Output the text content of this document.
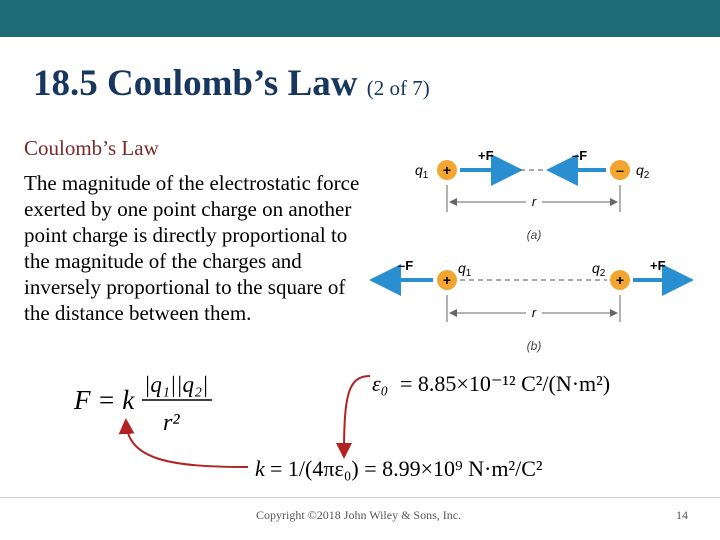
18.5 Coulomb’s Law (2 of 7)
Coulomb’s Law
The magnitude of the electrostatic force exerted by one point charge on another point charge is directly proportional to the magnitude of the charges and inversely proportional to the square of the distance between them.
$q_1$ +
+F	–F
– $q_2$
r
(a)
–F
+
$q_1$	$q_2$ +
+F
r
(b)
F = k
|q₁||q₂|
r²
ε₀ = 8.85×10⁻¹² C²/(N·m²)
k = 1/(4πε₀) = 8.99×10⁹ N·m²/C²
Copyright ©2018 John Wiley & Sons, Inc.	14
